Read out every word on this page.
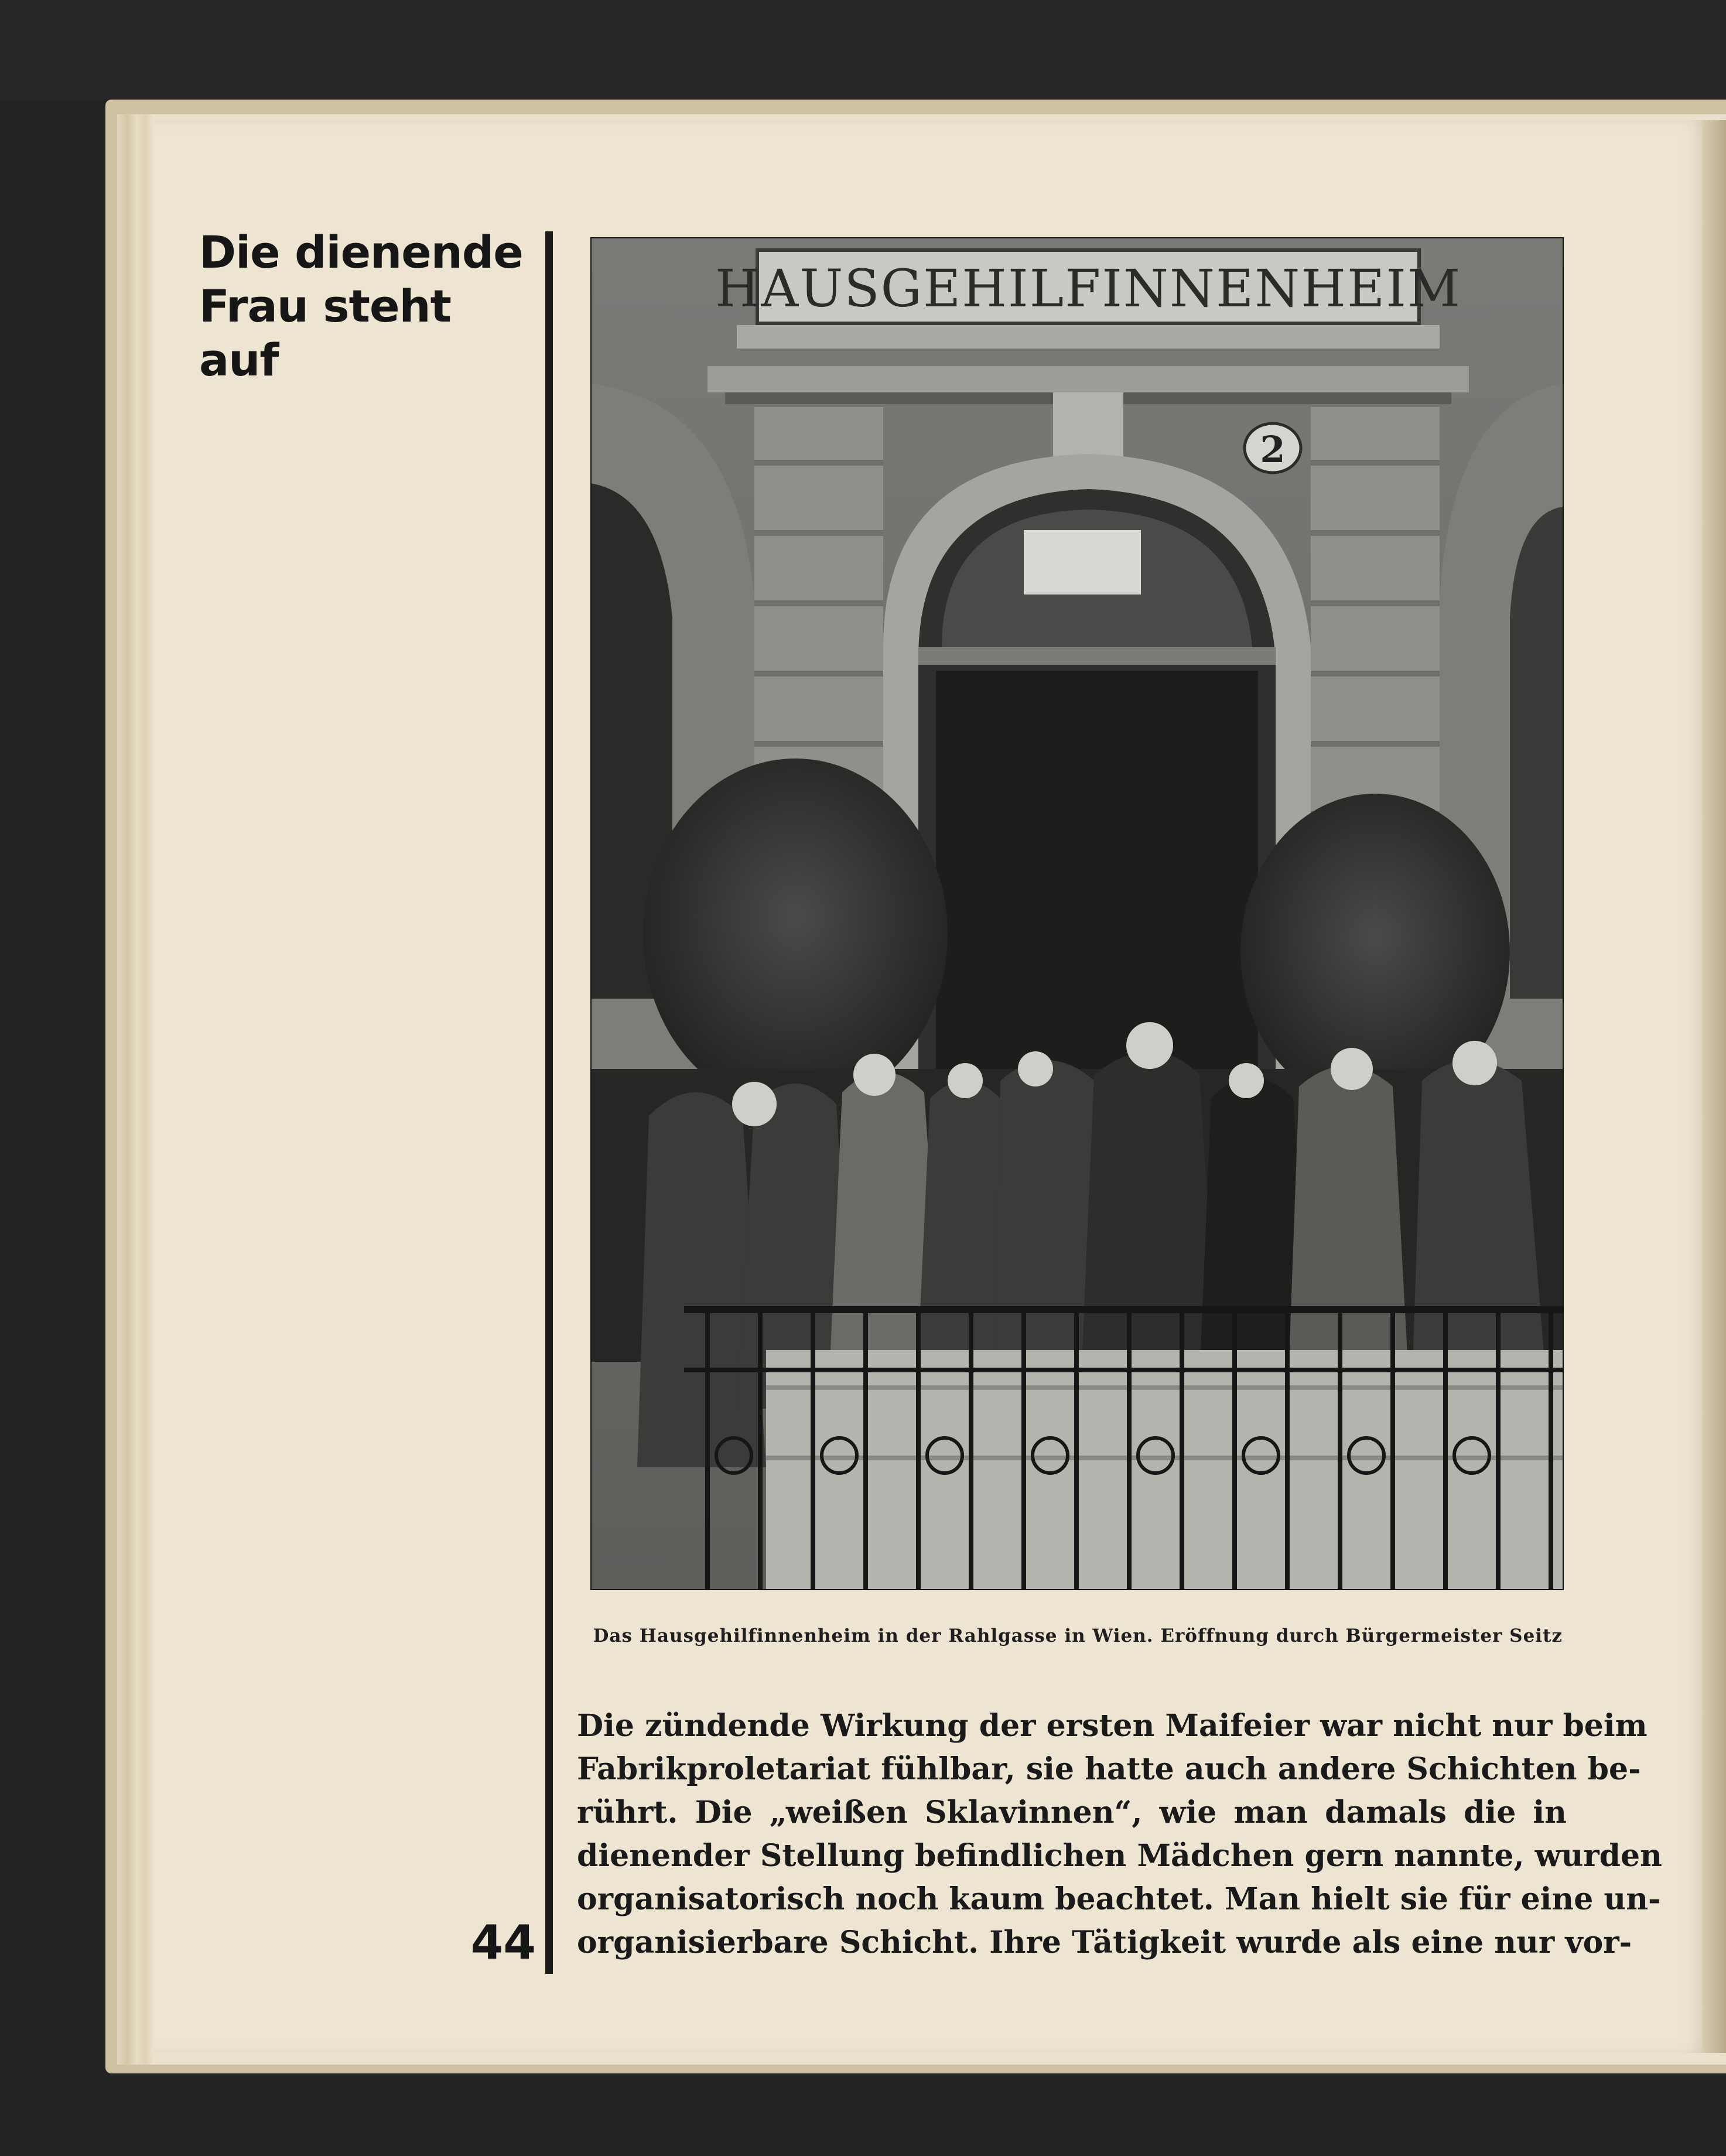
Die dienende
Frau steht
auf
44
HAUSGEHILFINNENHEIM
2
Das Hausgehilfinnenheim in der Rahlgasse in Wien. Eröffnung durch Bürgermeister Seitz
Die zündende Wirkung der ersten Maifeier war nicht nur beim
Fabrikproletariat fühlbar, sie hatte auch andere Schichten be-
rührt. Die „weißen Sklavinnen“, wie man damals die in
dienender Stellung befindlichen Mädchen gern nannte, wurden
organisatorisch noch kaum beachtet. Man hielt sie für eine un-
organisierbare Schicht. Ihre Tätigkeit wurde als eine nur vor-
